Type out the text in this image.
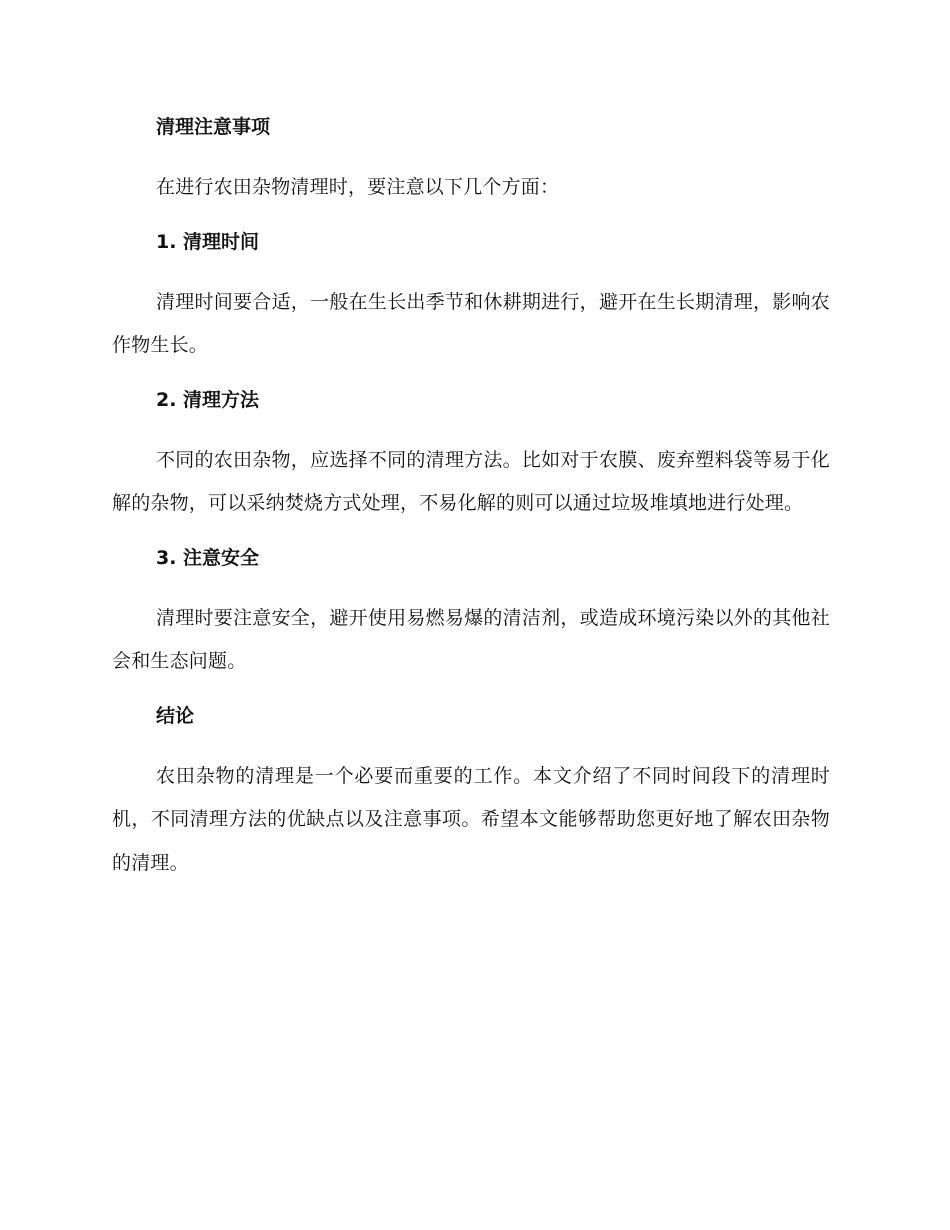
清理注意事项

在进行农田杂物清理时，要注意以下几个方面：

1. 清理时间

清理时间要合适，一般在生长出季节和休耕期进行，避开在生长期清理，影响农作物生长。

2. 清理方法

不同的农田杂物，应选择不同的清理方法。比如对于农膜、废弃塑料袋等易于化解的杂物，可以采纳焚烧方式处理，不易化解的则可以通过垃圾堆填地进行处理。

3. 注意安全

清理时要注意安全，避开使用易燃易爆的清洁剂，或造成环境污染以外的其他社会和生态问题。

结论

农田杂物的清理是一个必要而重要的工作。本文介绍了不同时间段下的清理时机，不同清理方法的优缺点以及注意事项。希望本文能够帮助您更好地了解农田杂物的清理。
